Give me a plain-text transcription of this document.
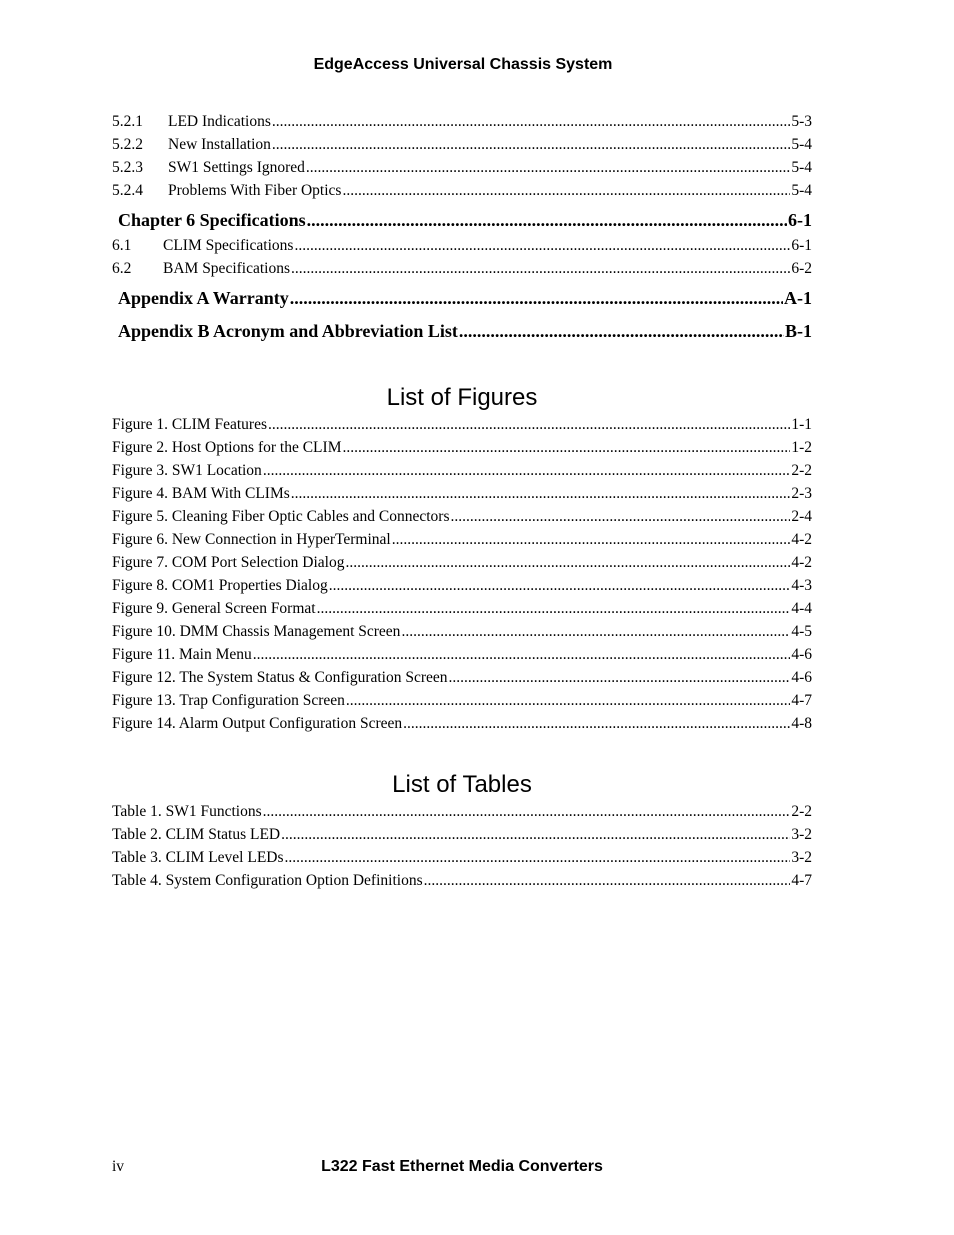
EdgeAccess Universal Chassis System
5.2.1	LED Indications .....	5-3
5.2.2	New Installation .....	5-4
5.2.3	SW1 Settings Ignored .....	5-4
5.2.4	Problems With Fiber Optics .....	5-4
Chapter 6 Specifications .....	6-1
6.1	CLIM Specifications .....	6-1
6.2	BAM Specifications .....	6-2
Appendix A Warranty .....	A-1
Appendix B Acronym and Abbreviation List .....	B-1
List of Figures
Figure 1. CLIM Features .....	1-1
Figure 2. Host Options for the CLIM .....	1-2
Figure 3. SW1 Location .....	2-2
Figure 4. BAM With CLIMs .....	2-3
Figure 5. Cleaning Fiber Optic Cables and Connectors .....	2-4
Figure 6. New Connection in HyperTerminal .....	4-2
Figure 7. COM Port Selection Dialog .....	4-2
Figure 8. COM1 Properties Dialog .....	4-3
Figure 9. General Screen Format .....	4-4
Figure 10. DMM Chassis Management Screen .....	4-5
Figure 11. Main Menu .....	4-6
Figure 12. The System Status & Configuration Screen .....	4-6
Figure 13. Trap Configuration Screen .....	4-7
Figure 14. Alarm Output Configuration Screen .....	4-8
List of Tables
Table 1. SW1 Functions .....	2-2
Table 2. CLIM Status LED .....	3-2
Table 3. CLIM Level LEDs .....	3-2
Table 4. System Configuration Option Definitions .....	4-7
iv	L322 Fast Ethernet Media Converters
